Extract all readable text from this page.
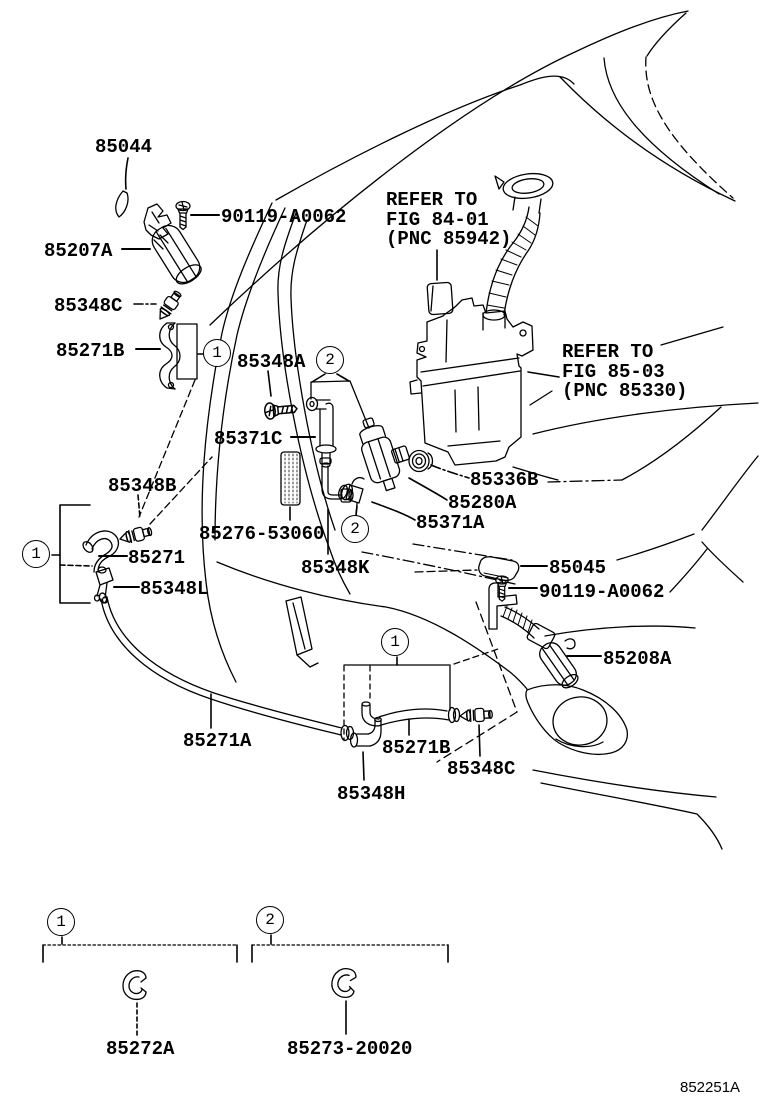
85044
90119-A0062
85207A
85348C
85271B	85348A
85371C
85276-53060
85348B
85271
85348L
85348K
85336B
85280A
85371A
85045
90119-A0062
85208A
85271A	85271B
85348C
85348H
85272A	85273-20020
REFER TO
FIG 84-01
(PNC 85942)
REFER TO
FIG 85-03
(PNC 85330)
1	2
2
1
1
1	2
852251A
